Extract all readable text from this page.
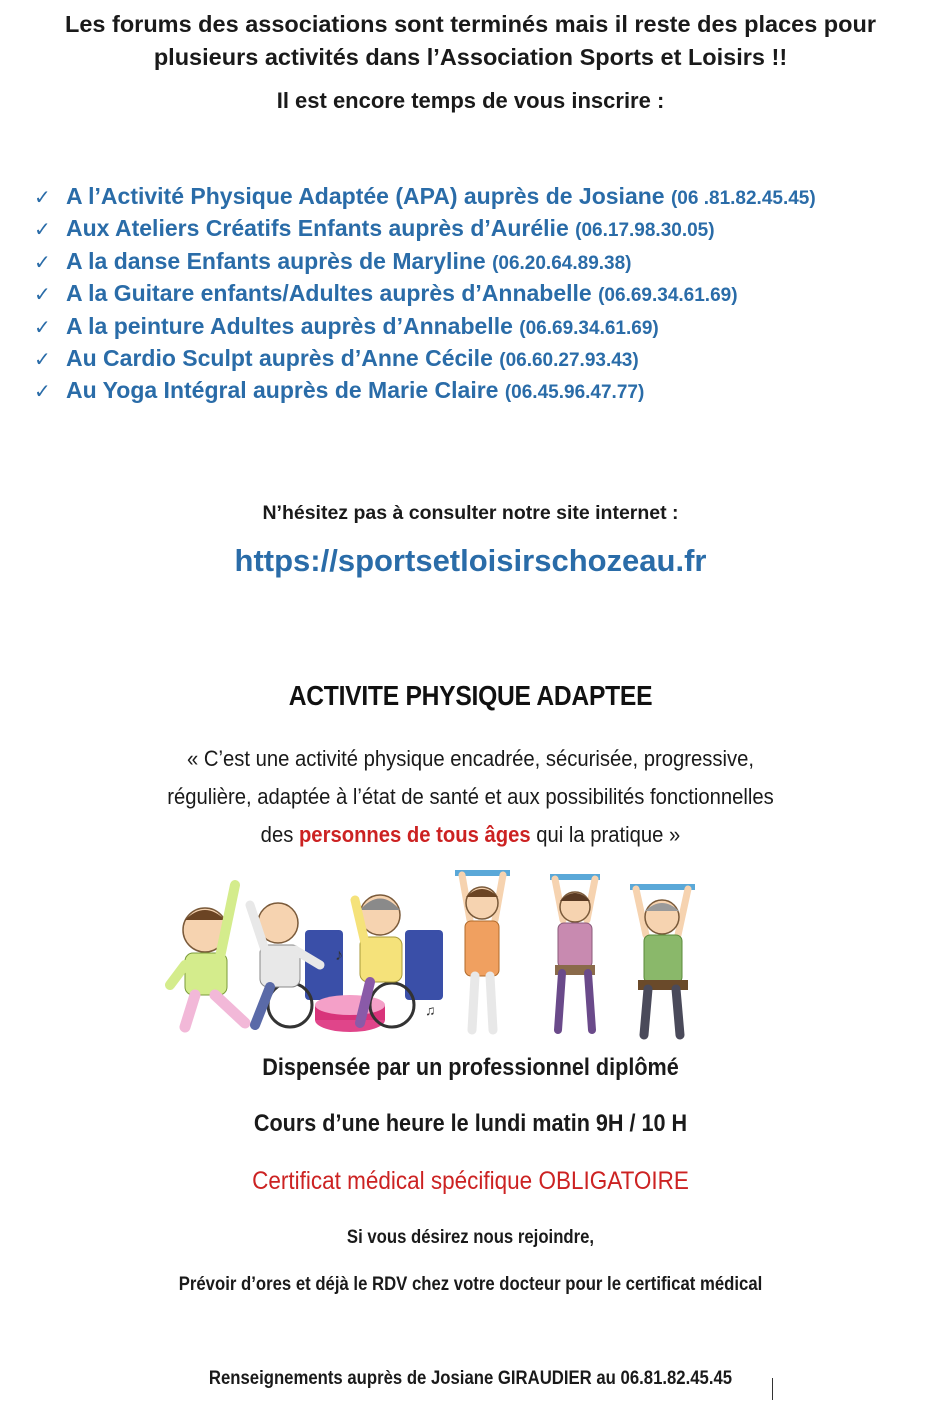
Les forums des associations sont terminés mais il reste des places pour
plusieurs activités dans l’Association Sports et Loisirs !!
Il est encore temps de vous inscrire :
✓ A l’Activité Physique Adaptée (APA) auprès de Josiane (06 .81.82.45.45)
✓ Aux Ateliers Créatifs Enfants auprès d’Aurélie (06.17.98.30.05)
✓ A la danse Enfants auprès de Maryline (06.20.64.89.38)
✓ A la Guitare enfants/Adultes auprès d’Annabelle (06.69.34.61.69)
✓ A la peinture Adultes auprès d’Annabelle (06.69.34.61.69)
✓ Au Cardio Sculpt auprès d’Anne Cécile (06.60.27.93.43)
✓ Au Yoga Intégral auprès de Marie Claire (06.45.96.47.77)
N’hésitez pas à consulter notre site internet :
https://sportsetloisirschozeau.fr
ACTIVITE PHYSIQUE ADAPTEE
« C’est une activité physique encadrée, sécurisée, progressive,
régulière, adaptée à l’état de santé et aux possibilités fonctionnelles
des personnes de tous âges qui la pratique »
♪
♫
Dispensée par un professionnel diplômé
Cours d’une heure le lundi matin 9H / 10 H
Certificat médical spécifique OBLIGATOIRE
Si vous désirez nous rejoindre,
Prévoir d’ores et déjà le RDV chez votre docteur pour le certificat médical
Renseignements auprès de Josiane GIRAUDIER au 06.81.82.45.45
